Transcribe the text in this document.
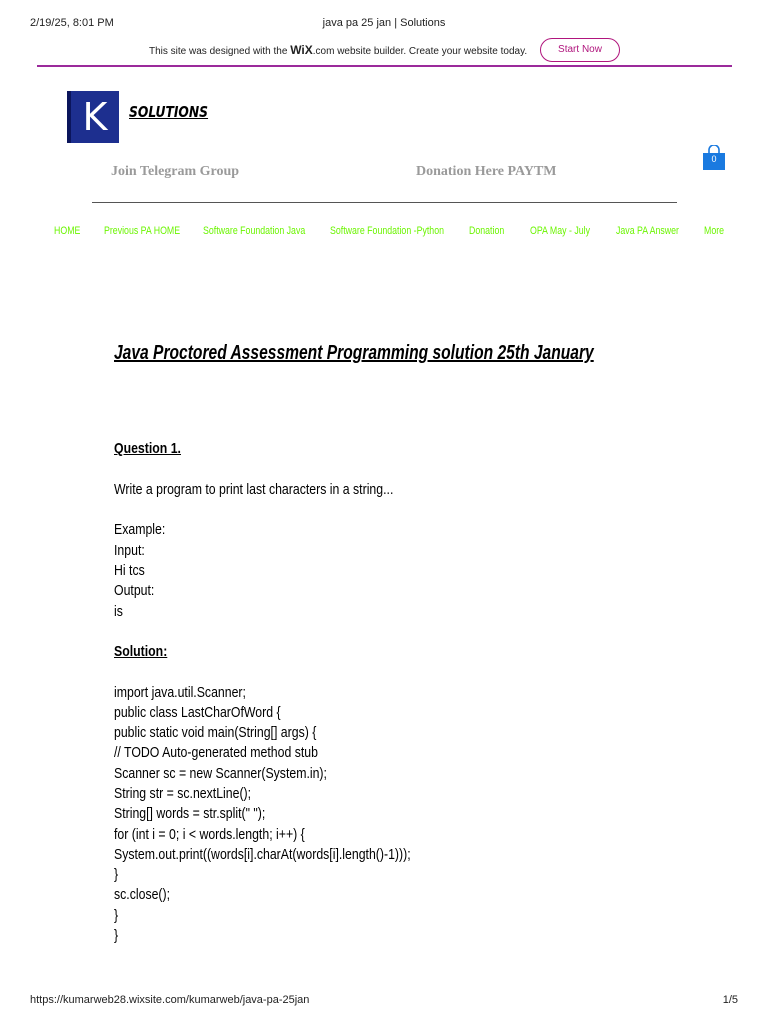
2/19/25, 8:01 PM	java pa 25 jan | Solutions
This site was designed with the WiX.com website builder. Create your website today.	Start Now
K	SOLUTIONS
Join Telegram Group	Donation Here PAYTM
0
HOME Previous PA HOME Software Foundation Java Software Foundation -Python Donation OPA May - July Java PA Answer More
Java Proctored Assessment Programming solution 25th January
Question 1.
Write a program to print last characters in a string...
Example:
Input:
Hi tcs
Output:
is
Solution:
import java.util.Scanner;
public class LastCharOfWord {
public static void main(String[] args) {
// TODO Auto-generated method stub
Scanner sc = new Scanner(System.in);
String str = sc.nextLine();
String[] words = str.split(" ");
for (int i = 0; i < words.length; i++) {
System.out.print((words[i].charAt(words[i].length()-1)));
}
sc.close();
}
}
https://kumarweb28.wixsite.com/kumarweb/java-pa-25jan	1/5
